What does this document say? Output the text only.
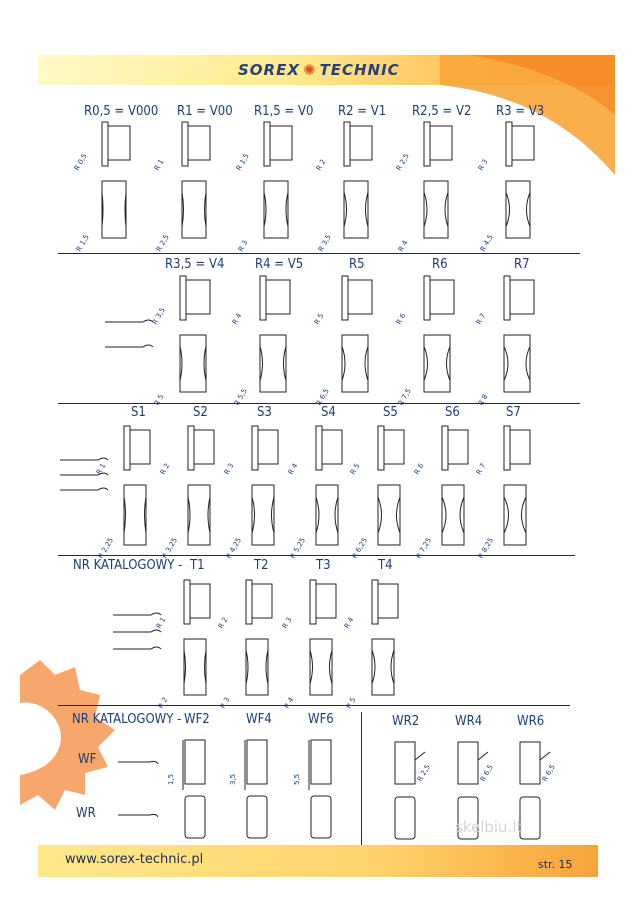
SOREX ✺ TECHNIC
R0,5 = V000 R1 = V00 R1,5 = V0 R2 = V1 R2,5 = V2 R3 = V3
R3,5 = V4 R4 = V5	R5	R6	R7
S1	S2	S3	S4	S5	S6	S7
NR KATALOGOWY - T1	T2	T3	T4
NR KATALOGOWY - WF2	WF4	WF6	WR2	WR4	WR6
WF
WR
R 0,5
R 1,5
R 1
R 2,5
R 1,5
R 3
R 2
R 3,5
R 2,5
R 4
R 3
R 4,5
R 3,5
R 5
R 4
R 5,5
R 5
R 6,5
R 6
R 7,5
R 7
R 8
R 1
R 2,25
R 2
R 3,25
R 3
R 4,25
R 4
R 5,25
R 5
R 6,25
R 6
R 7,25
R 7
R 8,25
R 1
R 2
R 2
R 3
R 3
R 4
R 4
R 5
1,5	3,5	5,5	R 2,5	R 6,5	R 6,5
www.sorex-technic.pl	str. 15
skelbiu.lt
